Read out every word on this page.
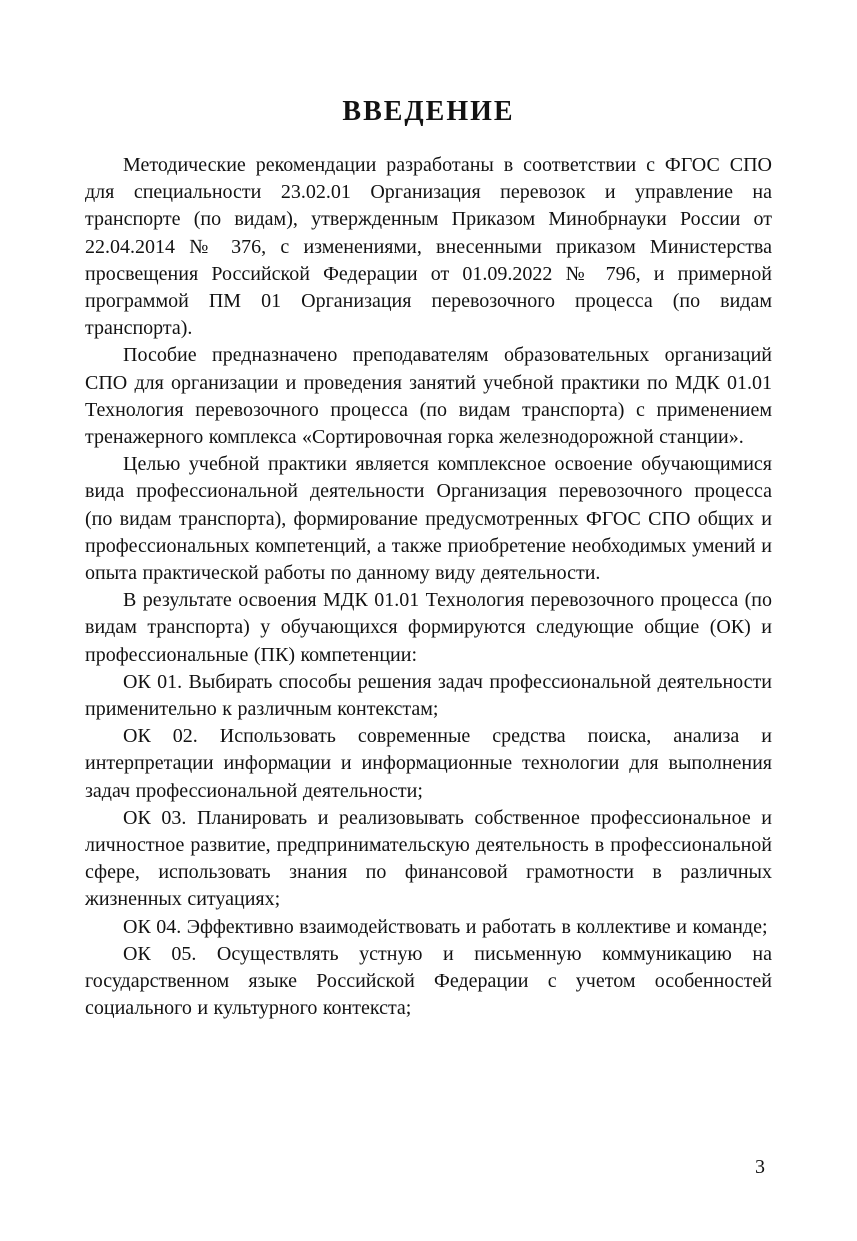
ВВЕДЕНИЕ

Методические рекомендации разработаны в соответствии с ФГОС СПО для специальности 23.02.01 Организация перевозок и управление на транспорте (по видам), утвержденным Приказом Минобрнауки России от 22.04.2014 № 376, с изменениями, внесенными приказом Министерства просвещения Российской Федерации от 01.09.2022 № 796, и примерной программой ПМ 01 Организация перевозочного процесса (по видам транспорта).

Пособие предназначено преподавателям образовательных организаций СПО для организации и проведения занятий учебной практики по МДК 01.01 Технология перевозочного процесса (по видам транспорта) с применением тренажерного комплекса «Сортировочная горка железнодорожной станции».

Целью учебной практики является комплексное освоение обучающимися вида профессиональной деятельности Организация перевозочного процесса (по видам транспорта), формирование предусмотренных ФГОС СПО общих и профессиональных компетенций, а также приобретение необходимых умений и опыта практической работы по данному виду деятельности.

В результате освоения МДК 01.01 Технология перевозочного процесса (по видам транспорта) у обучающихся формируются следующие общие (ОК) и профессиональные (ПК) компетенции:

ОК 01. Выбирать способы решения задач профессиональной деятельности применительно к различным контекстам;

ОК 02. Использовать современные средства поиска, анализа и интерпретации информации и информационные технологии для выполнения задач профессиональной деятельности;

ОК 03. Планировать и реализовывать собственное профессиональное и личностное развитие, предпринимательскую деятельность в профессиональной сфере, использовать знания по финансовой грамотности в различных жизненных ситуациях;

ОК 04. Эффективно взаимодействовать и работать в коллективе и команде;

ОК 05. Осуществлять устную и письменную коммуникацию на государственном языке Российской Федерации с учетом особенностей социального и культурного контекста;

3
